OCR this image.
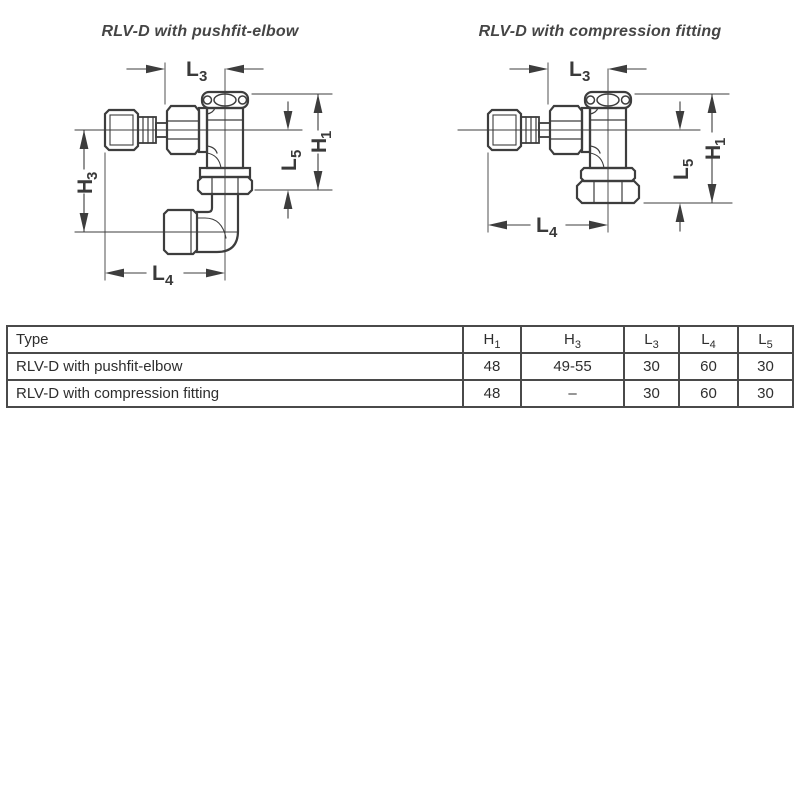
RLV-D with pushfit-elbow	RLV-D with compression fitting
L 3
H
1
L
5
H
3
L 4
L 3
H
1
L
5
L 4
Type	$H_1$	$H_3$	$L_3$	$L_4$	$L_5$
RLV-D with pushfit-elbow	48	49-55	30	60	30
RLV-D with compression fitting	48	–	30	60	30
